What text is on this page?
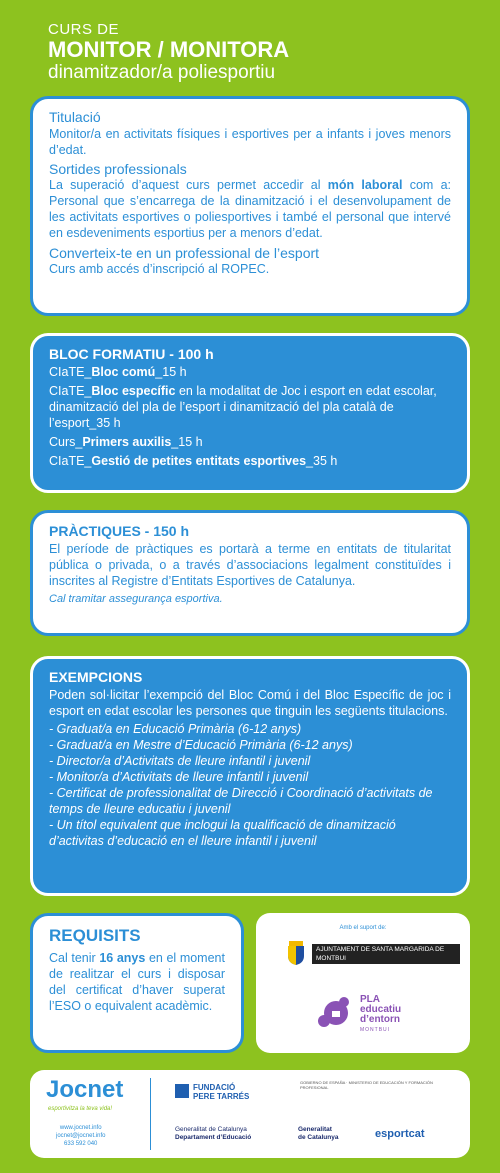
CURS DE
MONITOR / MONITORA
dinamitzador/a poliesportiu
Titulació

Monitor/a en activitats físiques i esportives per a infants i joves menors d’edat.

Sortides professionals

La superació d’aquest curs permet accedir al món laboral com a: Personal que s’encarrega de la dinamització i el desenvolupament de les activitats esportives o poliesportives i també el personal que intervé en esdeveniments esportius per a menors d’edat.

Converteix-te en un professional de l’esport

Curs amb accés d’inscripció al ROPEC.

BLOC FORMATIU - 100 h

CIaTE_Bloc comú_15 h

CIaTE_Bloc específic en la modalitat de Joc i esport en edat escolar, dinamització del pla de l’esport i dinamització del pla català de l’esport_35 h

Curs_Primers auxilis_15 h

CIaTE_Gestió de petites entitats esportives_35 h

PRÀCTIQUES - 150 h

El període de pràctiques es portarà a terme en entitats de titularitat pública o privada, o a través d’associacions legalment constituïdes i inscrites al Registre d’Entitats Esportives de Catalunya.

Cal tramitar assegurança esportiva.

EXEMPCIONS

Poden sol·licitar l’exempció del Bloc Comú i del Bloc Específic de joc i esport en edat escolar les persones que tinguin les següents titulacions.

- Graduat/a en Educació Primària (6-12 anys)

- Graduat/a en Mestre d’Educació Primària (6-12 anys)

- Director/a d’Activitats de lleure infantil i juvenil

- Monitor/a d’Activitats de lleure infantil i juvenil

- Certificat de professionalitat de Direcció i Coordinació d’activitats de temps de lleure educatiu i juvenil

- Un títol equivalent que inclogui la qualificació de dinamització d’activitas d’educació en el lleure infantil i juvenil

REQUISITS

Cal tenir 16 anys en el moment de realitzar el curs i disposar del certificat d’haver superat l’ESO o equivalent acadèmic.

Amb el suport de:
AJUNTAMENT DE SANTA MARGARIDA DE MONTBUI
PLA
educatiu
d’entorn
MONTBUI
Jocnet
esportivitza la teva vida!
www.jocnet.info
jocnet@jocnet.info
633 592 040
FUNDACIÓ
PERE TARRÉS
GOBIERNO DE ESPAÑA · MINISTERIO DE EDUCACIÓN Y FORMACIÓN PROFESIONAL
Generalitat de Catalunya
Departament d’Educació
Generalitat
de Catalunya	esportcat
